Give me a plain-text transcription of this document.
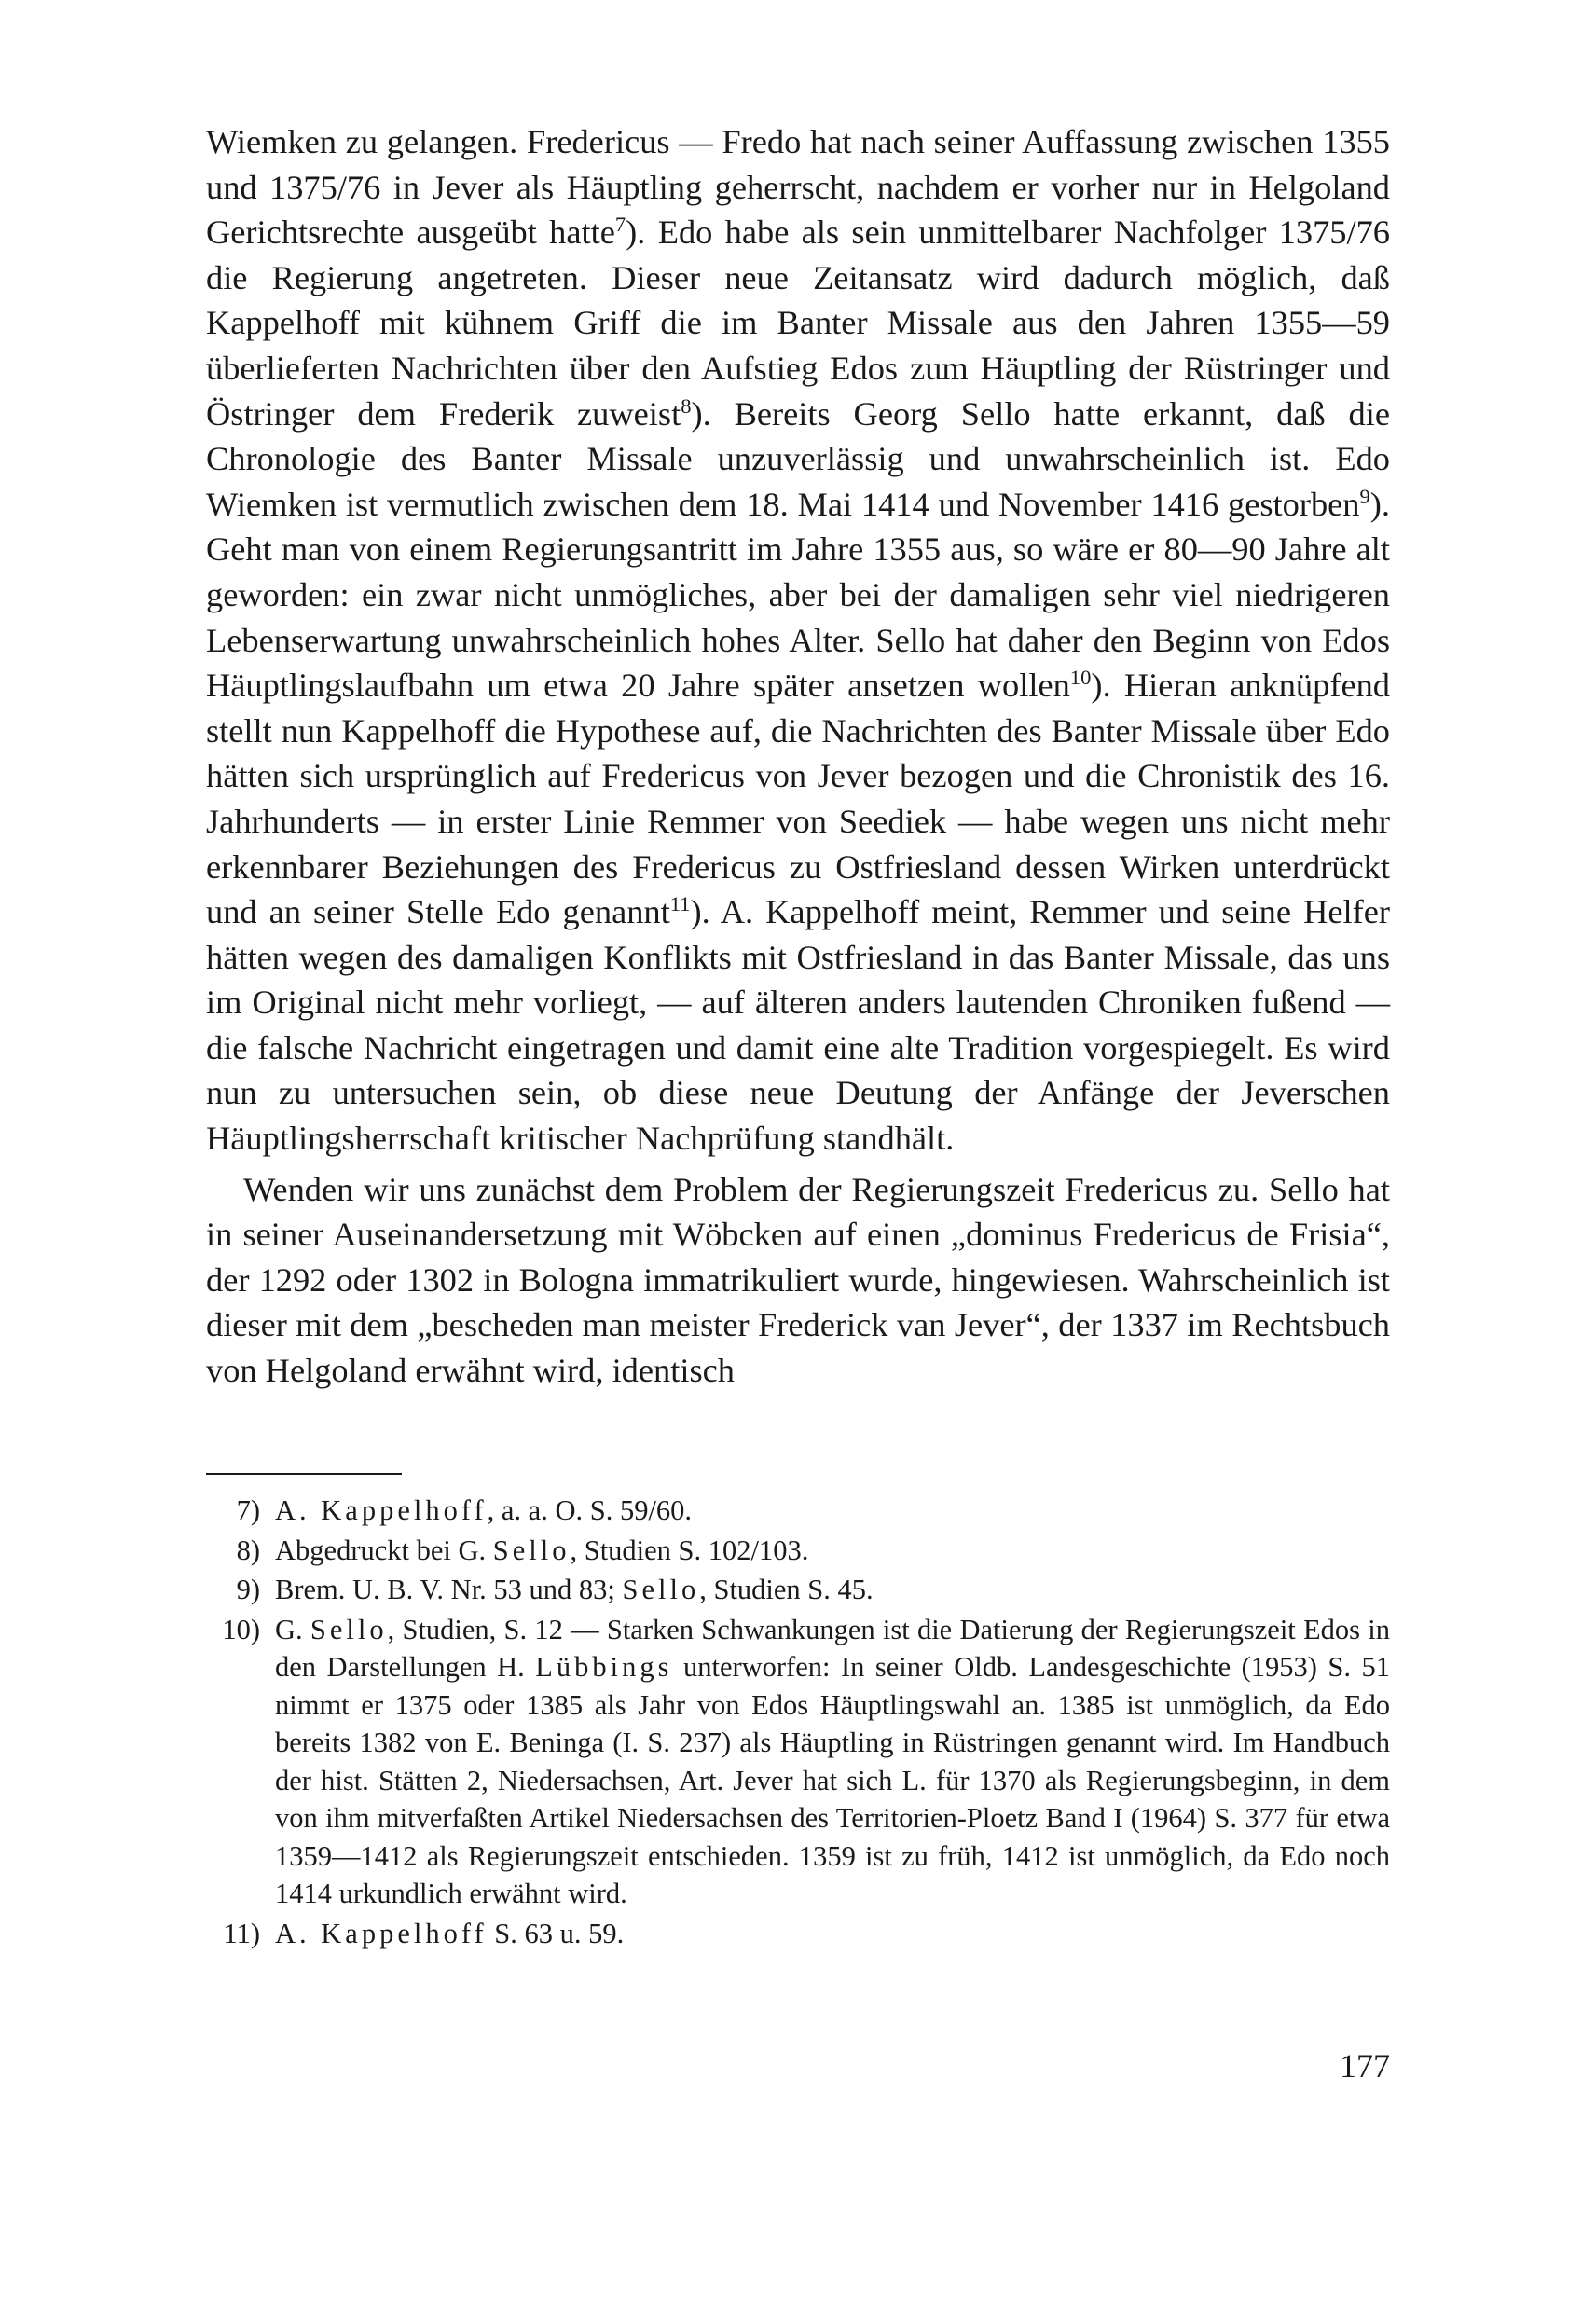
Wiemken zu gelangen. Fredericus — Fredo hat nach seiner Auffassung zwischen 1355 und 1375/76 in Jever als Häuptling geherrscht, nachdem er vorher nur in Helgoland Gerichtsrechte ausgeübt hatte$^7$). Edo habe als sein unmittelbarer Nachfolger 1375/76 die Regierung angetreten. Dieser neue Zeitansatz wird dadurch möglich, daß Kappelhoff mit kühnem Griff die im Banter Missale aus den Jahren 1355—59 überlieferten Nachrichten über den Aufstieg Edos zum Häuptling der Rüstringer und Östringer dem Frederik zuweist$^8$). Bereits Georg Sello hatte erkannt, daß die Chronologie des Banter Missale unzuverlässig und unwahrscheinlich ist. Edo Wiemken ist vermutlich zwischen dem 18. Mai 1414 und November 1416 gestorben$^9$). Geht man von einem Regierungsantritt im Jahre 1355 aus, so wäre er 80—90 Jahre alt geworden: ein zwar nicht unmögliches, aber bei der damaligen sehr viel niedrigeren Lebenserwartung unwahrscheinlich hohes Alter. Sello hat daher den Beginn von Edos Häuptlingslaufbahn um etwa 20 Jahre später ansetzen wollen$^{10}$). Hieran anknüpfend stellt nun Kappelhoff die Hypothese auf, die Nachrichten des Banter Missale über Edo hätten sich ursprünglich auf Fredericus von Jever bezogen und die Chronistik des 16. Jahrhunderts — in erster Linie Remmer von Seediek — habe wegen uns nicht mehr erkennbarer Beziehungen des Fredericus zu Ostfriesland dessen Wirken unterdrückt und an seiner Stelle Edo genannt$^{11}$). A. Kappelhoff meint, Remmer und seine Helfer hätten wegen des damaligen Konflikts mit Ostfriesland in das Banter Missale, das uns im Original nicht mehr vorliegt, — auf älteren anders lautenden Chroniken fußend — die falsche Nachricht eingetragen und damit eine alte Tradition vorgespiegelt. Es wird nun zu untersuchen sein, ob diese neue Deutung der Anfänge der Jeverschen Häuptlingsherrschaft kritischer Nachprüfung standhält.

Wenden wir uns zunächst dem Problem der Regierungszeit Fredericus zu. Sello hat in seiner Auseinandersetzung mit Wöbcken auf einen „dominus Fredericus de Frisia“, der 1292 oder 1302 in Bologna immatrikuliert wurde, hingewiesen. Wahrscheinlich ist dieser mit dem „bescheden man meister Frederick van Jever“, der 1337 im Rechtsbuch von Helgoland erwähnt wird, identisch

7) A. Kappelhoff, a. a. O. S. 59/60.
8) Abgedruckt bei G. Sello, Studien S. 102/103.
9) Brem. U. B. V. Nr. 53 und 83; Sello, Studien S. 45.
10) G. Sello, Studien, S. 12 — Starken Schwankungen ist die Datierung der Regierungszeit Edos in den Darstellungen H. Lübbings unterworfen: In seiner Oldb. Landesgeschichte (1953) S. 51 nimmt er 1375 oder 1385 als Jahr von Edos Häuptlingswahl an. 1385 ist unmöglich, da Edo bereits 1382 von E. Beninga (I. S. 237) als Häuptling in Rüstringen genannt wird. Im Handbuch der hist. Stätten 2, Niedersachsen, Art. Jever hat sich L. für 1370 als Regierungsbeginn, in dem von ihm mitverfaßten Artikel Niedersachsen des Territorien-Ploetz Band I (1964) S. 377 für etwa 1359—1412 als Regierungszeit entschieden. 1359 ist zu früh, 1412 ist unmöglich, da Edo noch 1414 urkundlich erwähnt wird.
11) A. Kappelhoff S. 63 u. 59.
177
